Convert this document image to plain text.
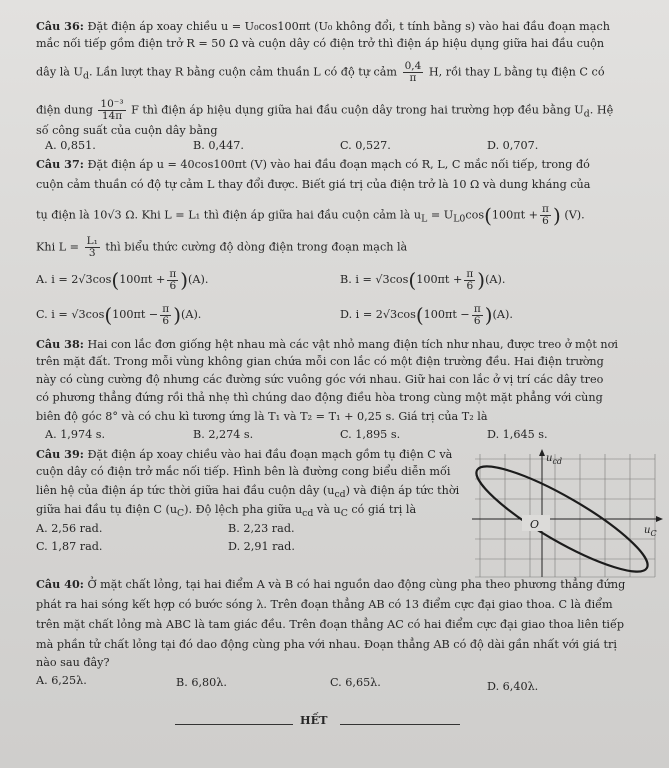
Câu 36: Đặt điện áp xoay chiều u = U₀cos100πt (U₀ không đổi, t tính bằng s) vào hai đầu đoạn mạch
mắc nối tiếp gồm điện trở R = 50 Ω và cuộn dây có điện trở thì điện áp hiệu dụng giữa hai đầu cuộn
dây là $U_d$. Lần lượt thay R bằng cuộn cảm thuần L có độ tự cảm $\frac{0,4}{\pi} H$, rồi thay L bằng tụ điện C có
điện dung $\frac{\text{10⁻³}}{14\pi}$ F thì điện áp hiệu dụng giữa hai đầu cuộn dây trong hai trường hợp đều bằng $U_d$. Hệ
số công suất của cuộn dây bằng
A. 0,851.	B. 0,447.	C. 0,527.	D. 0,707.
Câu 37: Đặt điện áp u = 40cos100πt (V) vào hai đầu đoạn mạch có R, L, C mắc nối tiếp, trong đó
cuộn cảm thuần có độ tự cảm L thay đổi được. Biết giá trị của điện trở là 10 Ω và dung kháng của
tụ điện là 10√3 Ω. Khi L = L₁ thì điện áp giữa hai đầu cuộn cảm là $u_L = U_{L0}\cos(100\pi t + \frac{\pi}{6}$ ) (V).
Khi $L = \frac{\text{L₁}}{3}$ thì biểu thức cường độ dòng điện trong đoạn mạch là
A. $i = 2√3\cos(100\pi t + \frac{\pi}{6} )(A)$.	B. $i = √3\cos(100\pi t + \frac{\pi}{6} )(A)$.
C. $i = √3\cos(100\pi t - \frac{\pi}{6} )(A)$.	D. $i = 2√3\cos(100\pi t - \frac{\pi}{6} )(A)$.
Câu 38: Hai con lắc đơn giống hệt nhau mà các vật nhỏ mang điện tích như nhau, được treo ở một nơi
trên mặt đất. Trong mỗi vùng không gian chứa mỗi con lắc có một điện trường đều. Hai điện trường
này có cùng cường độ nhưng các đường sức vuông góc với nhau. Giữ hai con lắc ở vị trí các dây treo
có phương thẳng đứng rồi thả nhẹ thì chúng dao động điều hòa trong cùng một mặt phẳng với cùng
biên độ góc 8° và có chu kì tương ứng là T₁ và T₂ = T₁ + 0,25 s. Giá trị của T₂ là
A. 1,974 s.	B. 2,274 s.	C. 1,895 s.	D. 1,645 s.
Câu 39: Đặt điện áp xoay chiều vào hai đầu đoạn mạch gồm tụ điện C và
cuộn dây có điện trở mắc nối tiếp. Hình bên là đường cong biểu diễn mối
liên hệ của điện áp tức thời giữa hai đầu cuộn dây $(u_{cd})$ và điện áp tức thời
giữa hai đầu tụ điện C $(u_C)$. Độ lệch pha giữa $u_{cd}$ và $u_C$ có giá trị là
A. 2,56 rad.	B. 2,23 rad.
C. 1,87 rad.	D. 2,91 rad.
O
$u_{cd}$
$u_C$
Câu 40: Ở mặt chất lỏng, tại hai điểm A và B có hai nguồn dao động cùng pha theo phương thẳng đứng
phát ra hai sóng kết hợp có bước sóng λ. Trên đoạn thẳng AB có 13 điểm cực đại giao thoa. C là điểm
trên mặt chất lỏng mà ABC là tam giác đều. Trên đoạn thẳng AC có hai điểm cực đại giao thoa liên tiếp
mà phần tử chất lỏng tại đó dao động cùng pha với nhau. Đoạn thẳng AB có độ dài gần nhất với giá trị
nào sau đây?
A. 6,25λ.	B. 6,80λ.	C. 6,65λ.	D. 6,40λ.
HẾT
